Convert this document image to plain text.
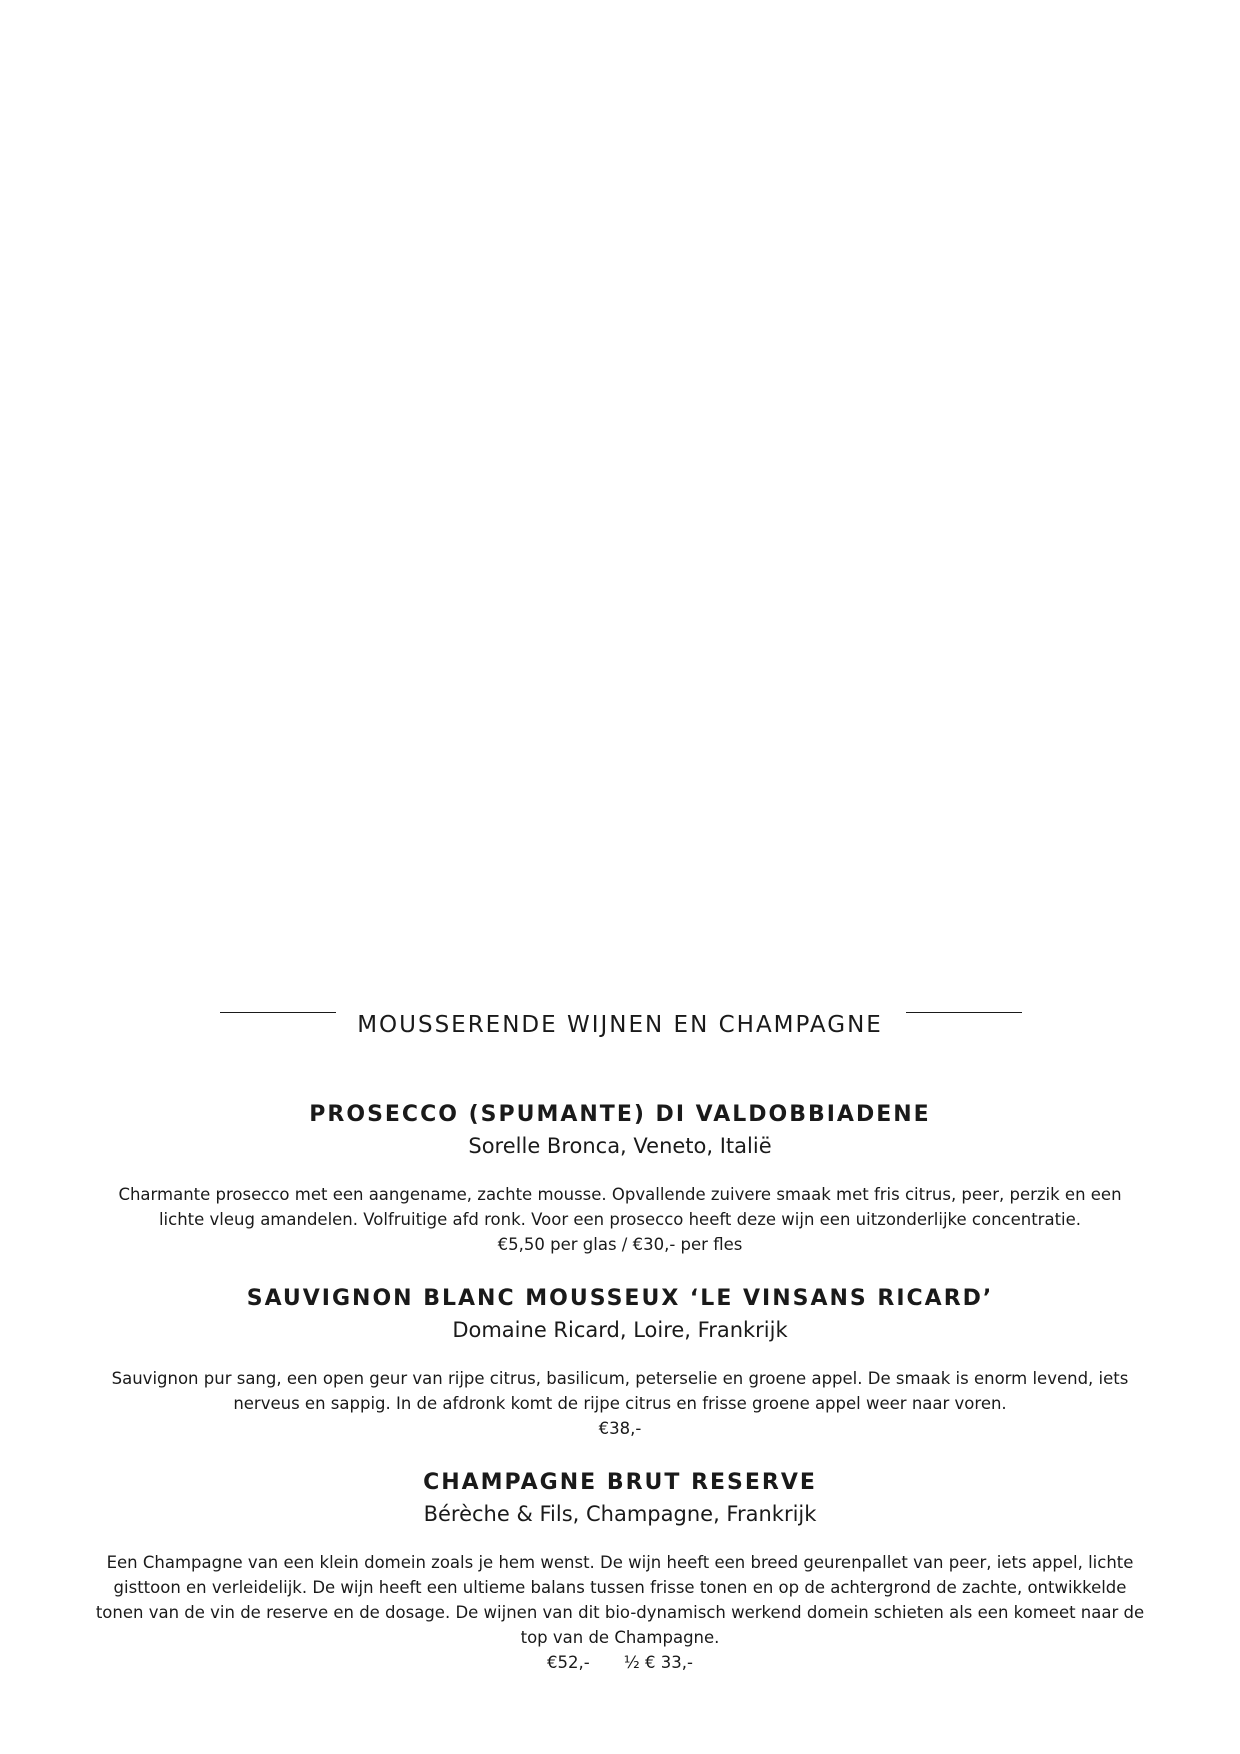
MOUSSERENDE WIJNEN EN CHAMPAGNE
PROSECCO (SPUMANTE) DI VALDOBBIADENE

Sorelle Bronca, Veneto, Italië

Charmante prosecco met een aangename, zachte mousse. Opvallende zuivere smaak met fris citrus, peer, perzik en een
lichte vleug amandelen. Volfruitige afd ronk. Voor een prosecco heeft deze wijn een uitzonderlijke concentratie.

€5,50 per glas / €30,- per fles

SAUVIGNON BLANC MOUSSEUX ‘LE VINSANS RICARD’

Domaine Ricard, Loire, Frankrijk

Sauvignon pur sang, een open geur van rijpe citrus, basilicum, peterselie en groene appel. De smaak is enorm levend, iets
nerveus en sappig. In de afdronk komt de rijpe citrus en frisse groene appel weer naar voren.

€38,-

CHAMPAGNE BRUT RESERVE

Bérèche & Fils, Champagne, Frankrijk

Een Champagne van een klein domein zoals je hem wenst. De wijn heeft een breed geurenpallet van peer, iets appel, lichte
gisttoon en verleidelijk. De wijn heeft een ultieme balans tussen frisse tonen en op de achtergrond de zachte, ontwikkelde
tonen van de vin de reserve en de dosage. De wijnen van dit bio-dynamisch werkend domein schieten als een komeet naar de
top van de Champagne.

€52,- ½ € 33,-
